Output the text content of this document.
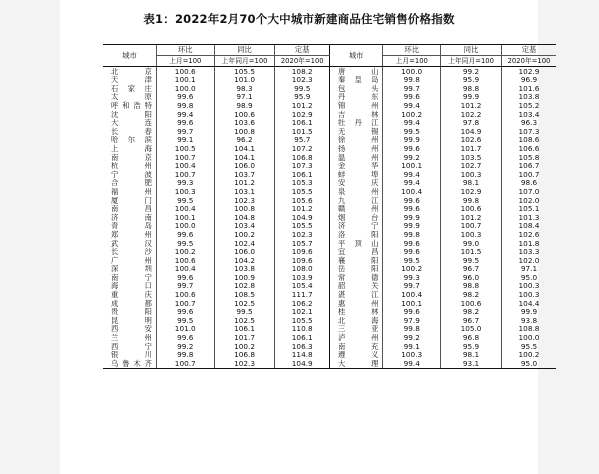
表1：2022年2月70个大中城市新建商品住宅销售价格指数
城市	环比	同比	定基	城市	环比	同比	定基
	上月=100	上年同月=100	2020年=100		上月=100	上年同月=100	2020年=100
北京	100.6	105.5	108.2	唐山	100.0	99.2	102.9
天津	100.1	101.0	102.3	秦皇岛	99.8	95.9	96.9
石家庄	100.0	98.3	99.5	包头	99.7	98.8	101.6
太原	99.6	97.1	95.9	丹东	99.6	99.9	103.8
呼和浩特	99.8	98.9	101.2	锦州	99.4	101.2	105.2
沈阳	99.4	100.6	102.9	吉林	100.2	102.2	103.4
大连	99.6	103.6	106.1	牡丹江	99.4	97.8	96.3
长春	99.7	100.8	101.5	无锡	99.5	104.9	107.3
哈尔滨	99.1	96.2	95.7	徐州	99.9	102.6	108.6
上海	100.5	104.1	107.2	扬州	99.6	101.7	106.6
南京	100.7	104.1	106.8	温州	99.2	103.5	105.8
杭州	100.4	106.0	107.3	金华	100.1	102.7	106.7
宁波	100.7	103.7	106.1	蚌埠	99.4	100.3	100.7
合肥	99.3	101.2	105.3	安庆	99.4	98.1	98.6
福州	100.3	103.1	105.5	泉州	100.4	102.9	107.0
厦门	99.5	102.3	105.6	九江	99.6	99.8	102.0
南昌	100.4	100.8	101.2	赣州	99.6	100.6	105.1
济南	100.1	104.8	104.9	烟台	99.9	101.2	101.3
青岛	100.0	103.4	105.5	济宁	99.9	100.7	108.4
郑州	99.6	100.2	102.3	洛阳	99.8	100.3	102.6
武汉	99.5	102.4	105.7	平顶山	99.6	99.0	101.8
长沙	100.2	106.0	109.6	宜昌	99.6	101.5	103.3
广州	100.6	104.2	109.6	襄阳	99.5	99.5	102.0
深圳	100.4	103.8	108.0	岳阳	100.2	96.7	97.1
南宁	99.6	100.9	103.9	常德	99.3	96.0	95.0
海口	99.7	102.8	105.4	韶关	99.7	98.8	100.3
重庆	100.6	108.5	111.7	湛江	100.4	98.2	100.3
成都	100.7	102.5	106.2	惠州	100.1	100.6	104.4
贵阳	99.6	99.5	102.1	桂林	99.6	98.2	99.9
昆明	99.5	102.5	105.5	北海	97.9	96.7	93.8
西安	101.0	106.1	110.8	三亚	99.8	105.0	108.8
兰州	99.6	101.7	106.1	泸州	99.2	96.8	100.0
西宁	99.2	100.2	106.3	南充	99.1	95.9	95.5
银川	99.8	106.8	114.8	遵义	100.3	98.1	100.2
乌鲁木齐	100.7	102.3	104.9	大理	99.4	93.1	95.0
